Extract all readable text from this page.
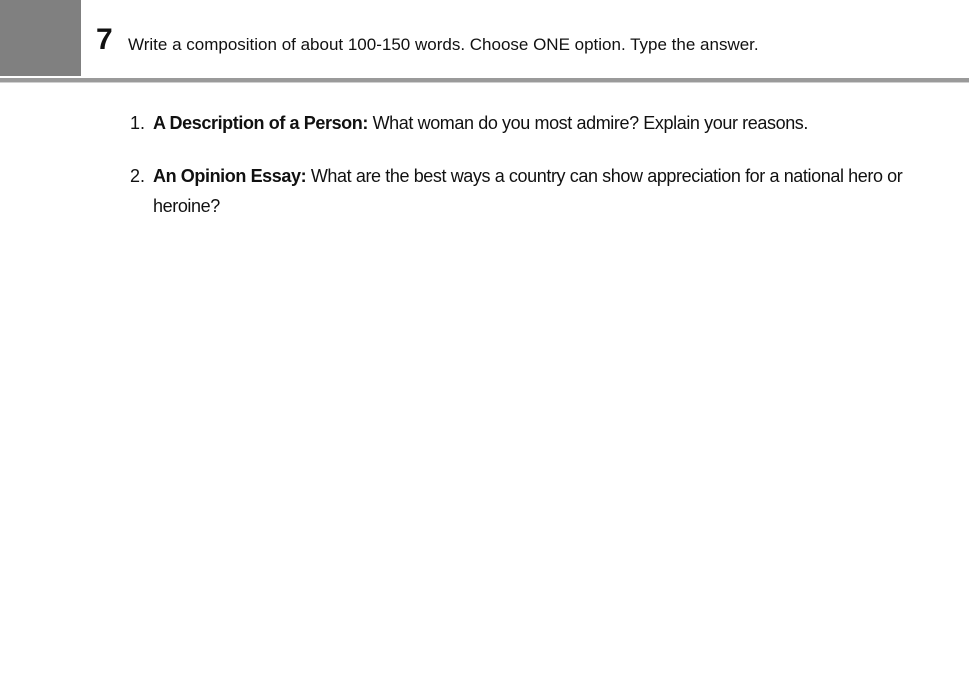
7 Write a composition of about 100-150 words. Choose ONE option. Type the answer.
1. A Description of a Person: What woman do you most admire? Explain your reasons.
2. An Opinion Essay: What are the best ways a country can show appreciation for a national hero or heroine?
